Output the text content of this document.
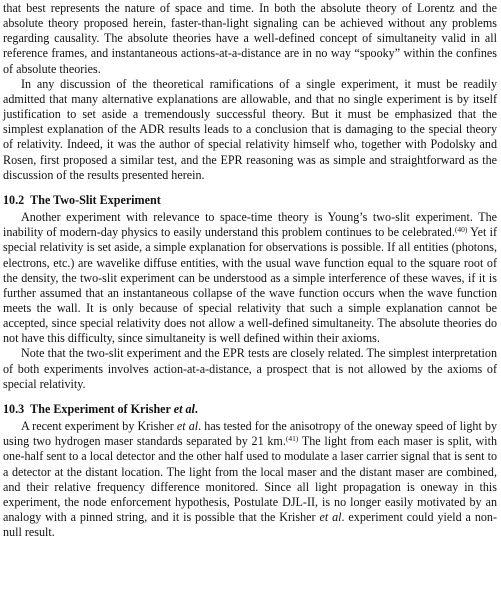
that best represents the nature of space and time. In both the absolute theory of Lorentz and the absolute theory proposed herein, faster-than-light signaling can be achieved without any problems regarding causality. The absolute theories have a well-defined concept of simultaneity valid in all reference frames, and instantaneous actions-at-a-distance are in no way “spooky” within the confines of absolute theories.

In any discussion of the theoretical ramifications of a single experiment, it must be readily admitted that many alternative explanations are allowable, and that no single experiment is by itself justification to set aside a tremendously successful theory. But it must be emphasized that the simplest explanation of the ADR results leads to a conclusion that is damaging to the special theory of relativity. Indeed, it was the author of special relativity himself who, together with Podolsky and Rosen, first proposed a similar test, and the EPR reasoning was as simple and straightforward as the discussion of the results presented herein.

10.2 The Two-Slit Experiment

Another experiment with relevance to space-time theory is Young’s two-slit experiment. The inability of modern-day physics to easily understand this problem continues to be celebrated.$^{(40)}$ Yet if special relativity is set aside, a simple explanation for observations is possible. If all entities (photons, electrons, etc.) are wavelike diffuse entities, with the usual wave function equal to the square root of the density, the two-slit experiment can be understood as a simple interference of these waves, if it is further assumed that an instantaneous collapse of the wave function occurs when the wave function meets the wall. It is only because of special relativity that such a simple explanation cannot be accepted, since special relativity does not allow a well-defined simultaneity. The absolute theories do not have this difficulty, since simultaneity is well defined within their axioms.

Note that the two-slit experiment and the EPR tests are closely related. The simplest interpretation of both experiments involves action-at-a-distance, a prospect that is not allowed by the axioms of special relativity.

10.3 The Experiment of Krisher et al.

A recent experiment by Krisher et al. has tested for the anisotropy of the oneway speed of light by using two hydrogen maser standards separated by 21 km.$^{(41)}$ The light from each maser is split, with one-half sent to a local detector and the other half used to modulate a laser carrier signal that is sent to a detector at the distant location. The light from the local maser and the distant maser are combined, and their relative frequency difference monitored. Since all light propagation is oneway in this experiment, the node enforcement hypothesis, Postulate DJL-II, is no longer easily motivated by an analogy with a pinned string, and it is possible that the Krisher et al. experiment could yield a non-null result.
